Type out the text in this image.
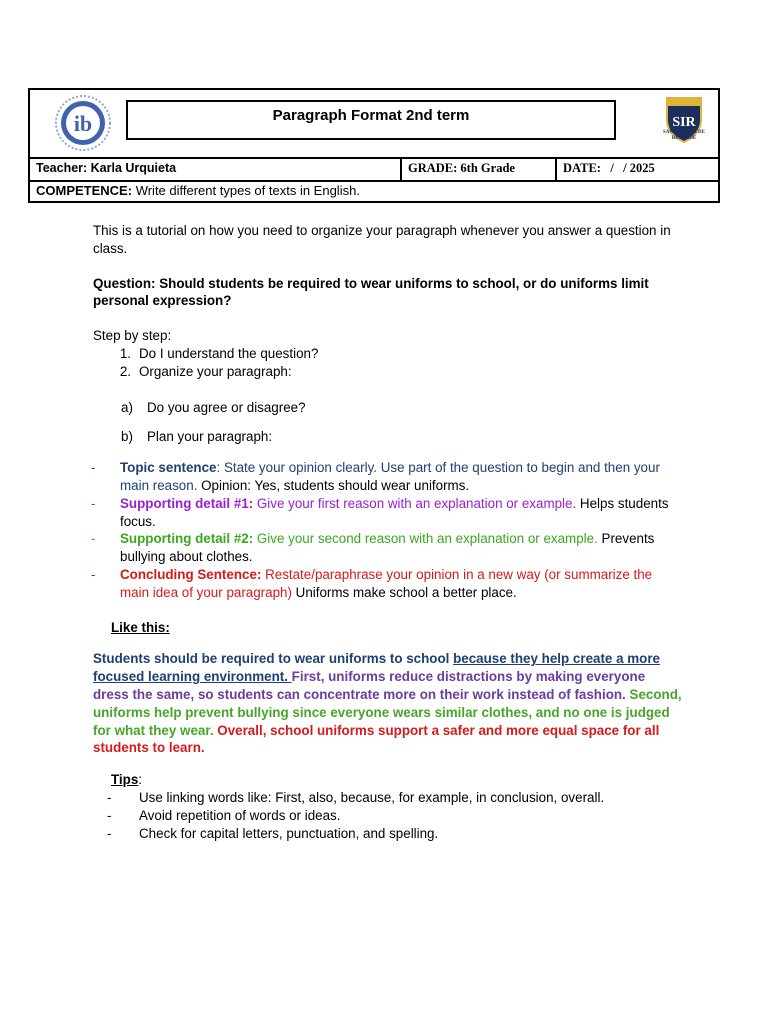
ib	Paragraph Format 2nd term	SIR
SAN IGNACIO DE RECALDE
Teacher: Karla Urquieta	GRADE: 6th Grade	DATE:   /   / 2025
COMPETENCE: Write different types of texts in English.

This is a tutorial on how you need to organize your paragraph whenever you answer a question in class.

Question: Should students be required to wear uniforms to school, or do uniforms limit personal expression?

Step by step:

1. Do I understand the question?
2. Organize your paragraph:
a)	Do you agree or disagree?
b)	Plan your paragraph:
-	Topic sentence: State your opinion clearly. Use part of the question to begin and then your main reason. Opinion: Yes, students should wear uniforms.
-	Supporting detail #1: Give your first reason with an explanation or example. Helps students focus.
-	Supporting detail #2: Give your second reason with an explanation or example. Prevents bullying about clothes.
-	Concluding Sentence: Restate/paraphrase your opinion in a new way (or summarize the main idea of your paragraph) Uniforms make school a better place.

Like this:

Students should be required to wear uniforms to school because they help create a more focused learning environment. First, uniforms reduce distractions by making everyone dress the same, so students can concentrate more on their work instead of fashion. Second, uniforms help prevent bullying since everyone wears similar clothes, and no one is judged for what they wear. Overall, school uniforms support a safer and more equal space for all students to learn.

Tips:

-	Use linking words like: First, also, because, for example, in conclusion, overall.
-	Avoid repetition of words or ideas.
-	Check for capital letters, punctuation, and spelling.
